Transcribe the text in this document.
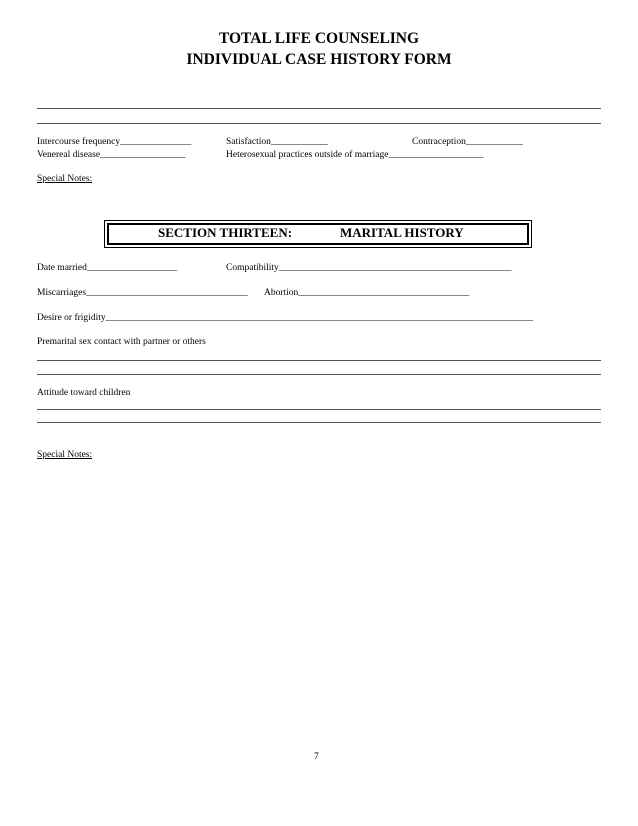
TOTAL LIFE COUNSELING
INDIVIDUAL CASE HISTORY FORM
Intercourse frequency_______________	Satisfaction____________	Contraception____________
Venereal disease__________________	Heterosexual practices outside of marriage____________________
Special Notes:
SECTION THIRTEEN:	MARITAL HISTORY
Date married___________________	Compatibility_________________________________________________
Miscarriages__________________________________ Abortion____________________________________
Desire or frigidity__________________________________________________________________________________________
Premarital sex contact with partner or others
Attitude toward children
Special Notes:
7
